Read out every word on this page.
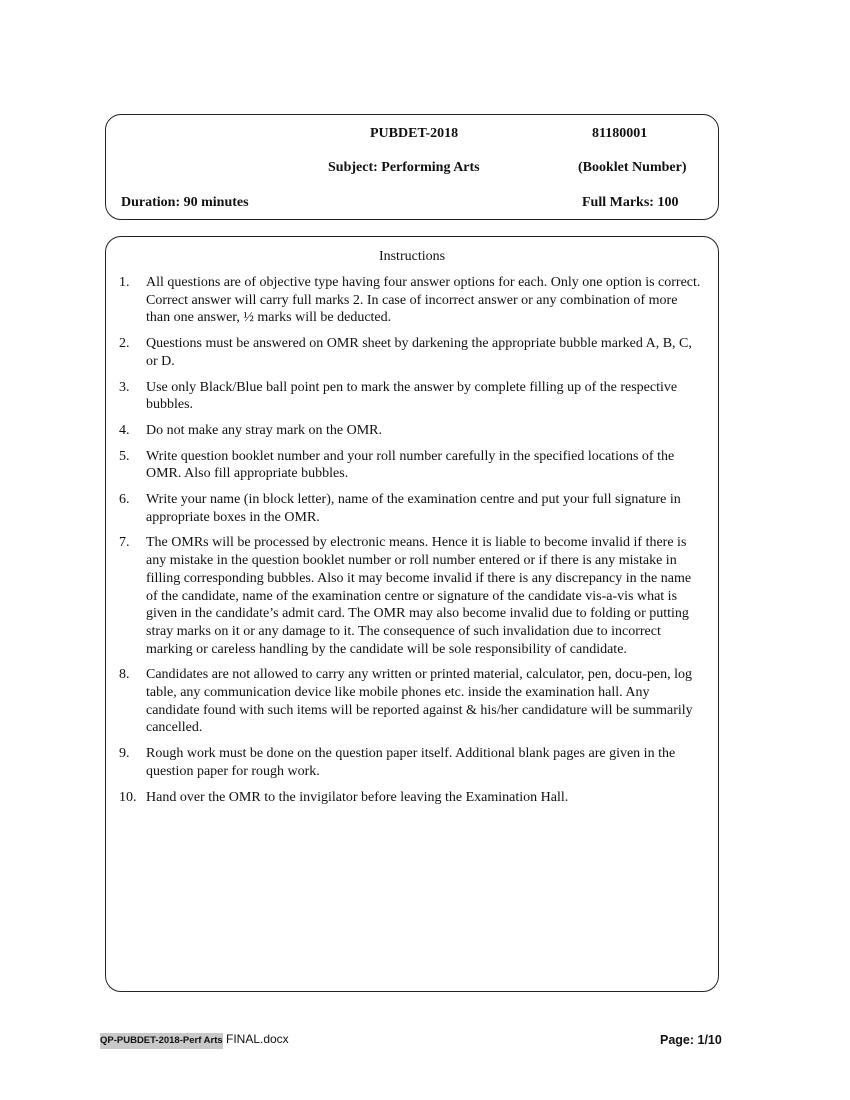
PUBDET-2018	81180001
Subject: Performing Arts	(Booklet Number)
Duration: 90 minutes	Full Marks: 100
Instructions
1. All questions are of objective type having four answer options for each. Only one option is correct. Correct answer will carry full marks 2. In case of incorrect answer or any combination of more than one answer, ½ marks will be deducted.
2. Questions must be answered on OMR sheet by darkening the appropriate bubble marked A, B, C, or D.
3. Use only Black/Blue ball point pen to mark the answer by complete filling up of the respective bubbles.
4. Do not make any stray mark on the OMR.
5. Write question booklet number and your roll number carefully in the specified locations of the OMR. Also fill appropriate bubbles.
6. Write your name (in block letter), name of the examination centre and put your full signature in appropriate boxes in the OMR.
7. The OMRs will be processed by electronic means. Hence it is liable to become invalid if there is any mistake in the question booklet number or roll number entered or if there is any mistake in filling corresponding bubbles. Also it may become invalid if there is any discrepancy in the name of the candidate, name of the examination centre or signature of the candidate vis-a-vis what is given in the candidate’s admit card. The OMR may also become invalid due to folding or putting stray marks on it or any damage to it. The consequence of such invalidation due to incorrect marking or careless handling by the candidate will be sole responsibility of candidate.
8. Candidates are not allowed to carry any written or printed material, calculator, pen, docu-pen, log table, any communication device like mobile phones etc. inside the examination hall. Any candidate found with such items will be reported against & his/her candidature will be summarily cancelled.
9. Rough work must be done on the question paper itself. Additional blank pages are given in the question paper for rough work.
10. Hand over the OMR to the invigilator before leaving the Examination Hall.
QP-PUBDET-2018-Perf Arts FINAL.docx	Page: 1/10
